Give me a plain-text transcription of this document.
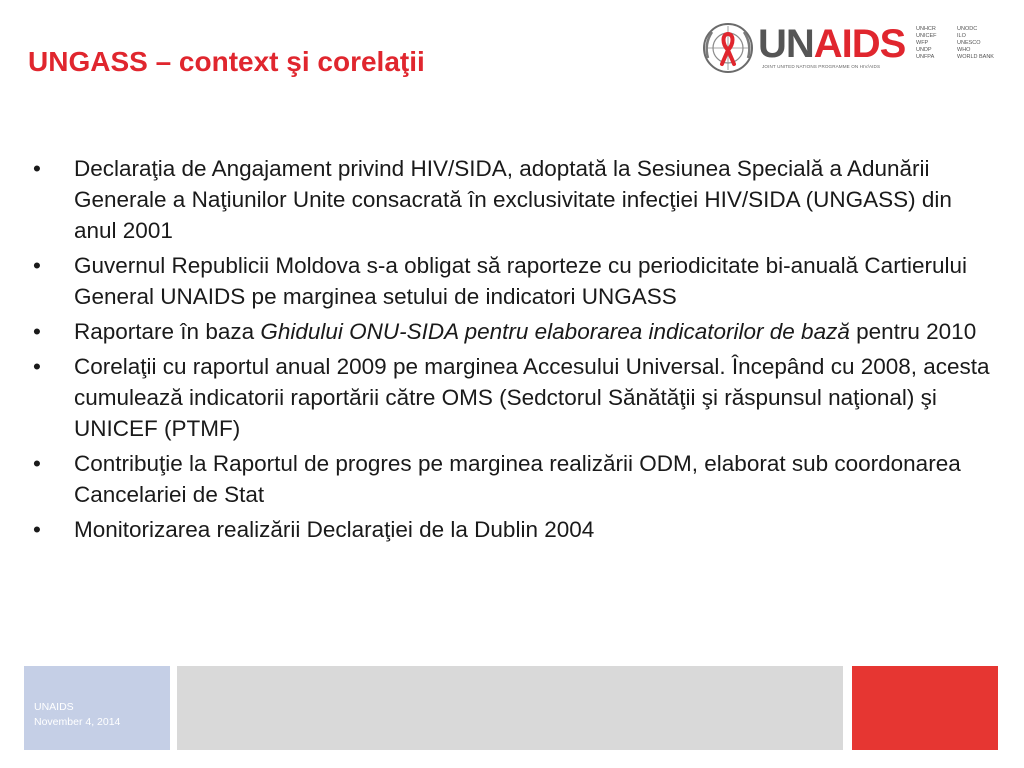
UNGASS – context şi corelaţii	UNAIDS
JOINT UNITED NATIONS PROGRAMME ON HIV/AIDS
UNHCR
UNICEF
WFP
UNDP
UNFPA
UNODC
ILO
UNESCO
WHO
WORLD BANK
• Declaraţia de Angajament privind HIV/SIDA, adoptată la Sesiunea Specială a Adunării Generale a Naţiunilor Unite consacrată în exclusivitate infecţiei HIV/SIDA (UNGASS) din anul 2001
• Guvernul Republicii Moldova s-a obligat să raporteze cu periodicitate bi-anuală Cartierului General UNAIDS pe marginea setului de indicatori UNGASS
• Raportare în baza Ghidului ONU-SIDA pentru elaborarea indicatorilor de bază pentru 2010
• Corelaţii cu raportul anual 2009 pe marginea Accesului Universal. Începând cu 2008, acesta cumulează indicatorii raportării către OMS (Sedctorul Sănătăţii şi răspunsul naţional) şi UNICEF (PTMF)
• Contribuţie la Raportul de progres pe marginea realizării ODM, elaborat sub coordonarea Cancelariei de Stat
• Monitorizarea realizării Declaraţiei de la Dublin 2004
UNAIDS
November 4, 2014
